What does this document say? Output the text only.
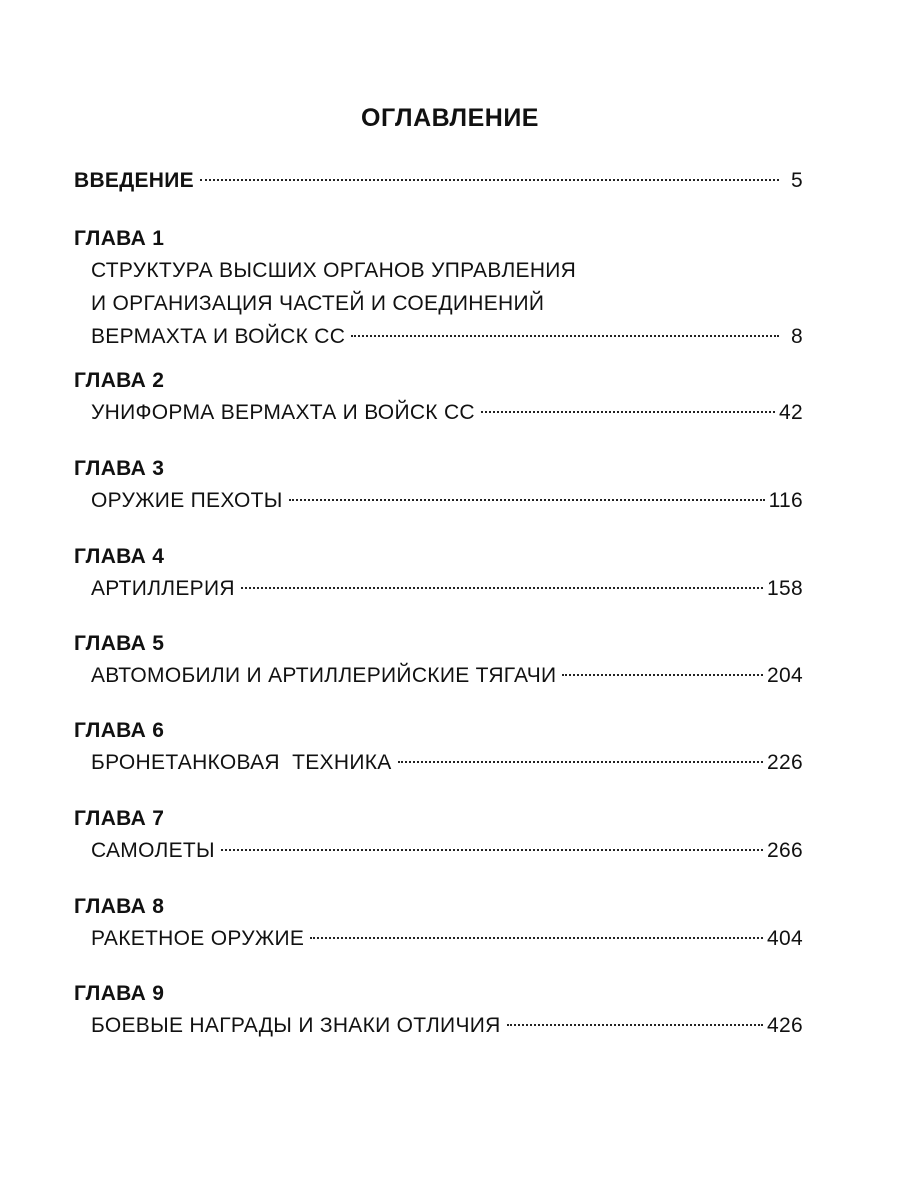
ОГЛАВЛЕНИЕ
ВВЕДЕНИЕ	5
ГЛАВА 1
СТРУКТУРА ВЫСШИХ ОРГАНОВ УПРАВЛЕНИЯ
И ОРГАНИЗАЦИЯ ЧАСТЕЙ И СОЕДИНЕНИЙ
ВЕРМАХТА И ВОЙСК СС	8
ГЛАВА 2
УНИФОРМА ВЕРМАХТА И ВОЙСК СС	42
ГЛАВА 3
ОРУЖИЕ ПЕХОТЫ	116
ГЛАВА 4
АРТИЛЛЕРИЯ	158
ГЛАВА 5
АВТОМОБИЛИ И АРТИЛЛЕРИЙСКИЕ ТЯГАЧИ	204
ГЛАВА 6
БРОНЕТАНКОВАЯ  ТЕХНИКА	226
ГЛАВА 7
САМОЛЕТЫ	266
ГЛАВА 8
РАКЕТНОЕ ОРУЖИЕ	404
ГЛАВА 9
БОЕВЫЕ НАГРАДЫ И ЗНАКИ ОТЛИЧИЯ	426
